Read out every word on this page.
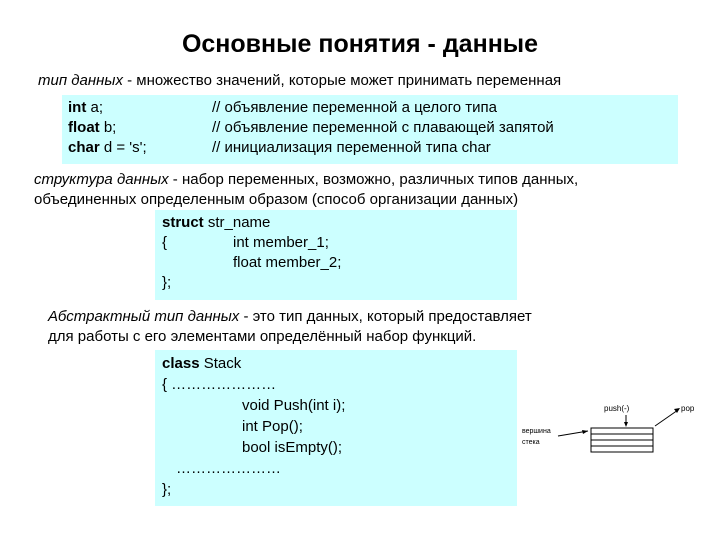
Основные понятия - данные
тип данных - множество значений, которые может принимать переменная
int a;	// объявление переменной а целого типа
float b;	// объявление переменной с плавающей запятой
char d = 's';	// инициализация переменной типа char
структура данных - набор переменных, возможно, различных типов данных,
объединенных определенным образом (способ организации данных)
struct str_name
{	int member_1;
float member_2;
};
Абстрактный тип данных - это тип данных, который предоставляет
для работы с его элементами определённый набор функций.
class Stack
{ …………………
void Push(int i);
int Pop();
bool isEmpty();
…………………
};
push(-)	pop
вершина
стека
